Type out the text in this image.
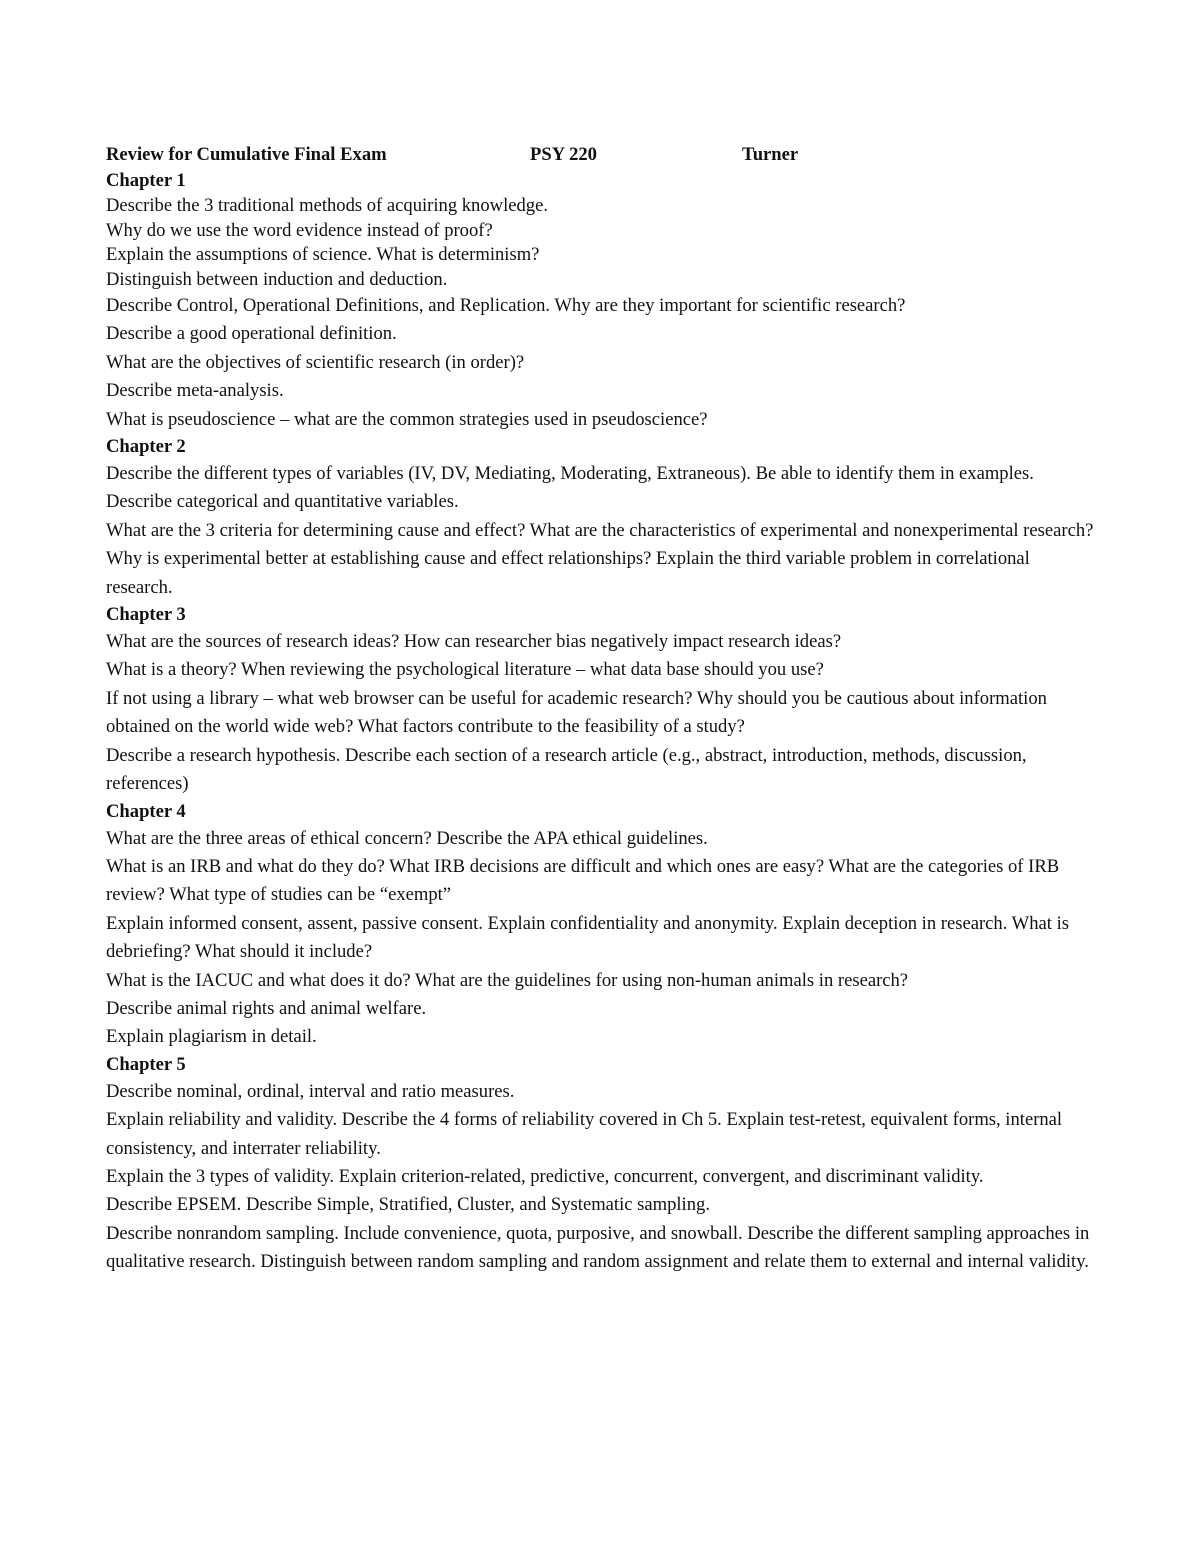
Review for Cumulative Final Exam	PSY 220	Turner

Chapter 1

Describe the 3 traditional methods of acquiring knowledge.

Why do we use the word evidence instead of proof?

Explain the assumptions of science. What is determinism?

Distinguish between induction and deduction.

Describe Control, Operational Definitions, and Replication. Why are they important for scientific research?

Describe a good operational definition.

What are the objectives of scientific research (in order)?

Describe meta-analysis.

What is pseudoscience – what are the common strategies used in pseudoscience?

Chapter 2

Describe the different types of variables (IV, DV, Mediating, Moderating, Extraneous). Be able to identify them in examples. Describe categorical and quantitative variables.

What are the 3 criteria for determining cause and effect? What are the characteristics of experimental and nonexperimental research? Why is experimental better at establishing cause and effect relationships? Explain the third variable problem in correlational research.

Chapter 3

What are the sources of research ideas? How can researcher bias negatively impact research ideas?

What is a theory? When reviewing the psychological literature – what data base should you use?

If not using a library – what web browser can be useful for academic research? Why should you be cautious about information obtained on the world wide web? What factors contribute to the feasibility of a study?

Describe a research hypothesis. Describe each section of a research article (e.g., abstract, introduction, methods, discussion, references)

Chapter 4

What are the three areas of ethical concern? Describe the APA ethical guidelines.

What is an IRB and what do they do? What IRB decisions are difficult and which ones are easy? What are the categories of IRB review? What type of studies can be “exempt”

Explain informed consent, assent, passive consent. Explain confidentiality and anonymity. Explain deception in research. What is debriefing? What should it include?

What is the IACUC and what does it do? What are the guidelines for using non-human animals in research?

Describe animal rights and animal welfare.

Explain plagiarism in detail.

Chapter 5

Describe nominal, ordinal, interval and ratio measures.

Explain reliability and validity. Describe the 4 forms of reliability covered in Ch 5. Explain test-retest, equivalent forms, internal consistency, and interrater reliability.

Explain the 3 types of validity. Explain criterion-related, predictive, concurrent, convergent, and discriminant validity.

Describe EPSEM. Describe Simple, Stratified, Cluster, and Systematic sampling.

Describe nonrandom sampling. Include convenience, quota, purposive, and snowball. Describe the different sampling approaches in qualitative research. Distinguish between random sampling and random assignment and relate them to external and internal validity.
